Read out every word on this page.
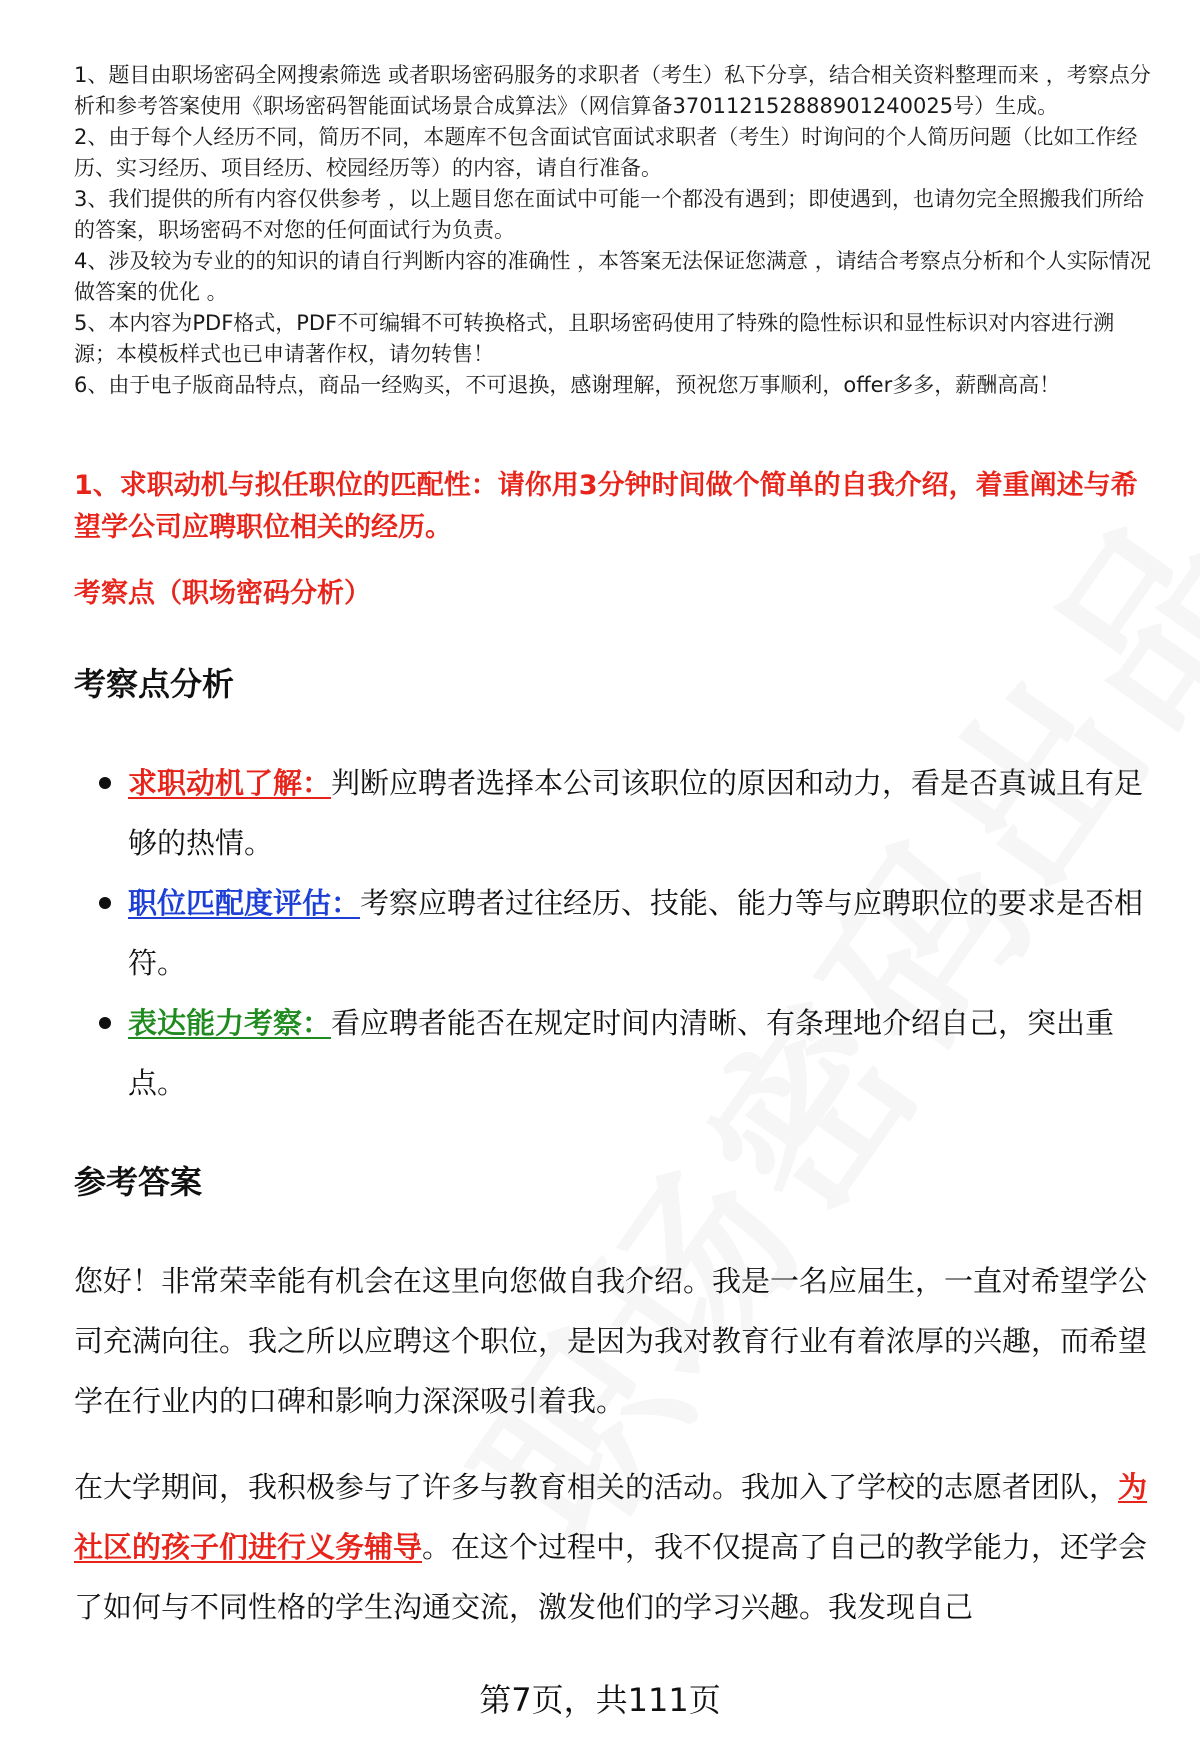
1、题目由职场密码全网搜索筛选 或者职场密码服务的求职者（考生）私下分享，结合相关资料整理而来 ，考察点分析和参考答案使用《职场密码智能面试场景合成算法》（网信算备370112152888901240025号）生成。

2、由于每个人经历不同，简历不同，本题库不包含面试官面试求职者（考生）时询问的个人简历问题（比如工作经历、实习经历、项目经历、校园经历等）的内容，请自行准备。

3、我们提供的所有内容仅供参考 ，以上题目您在面试中可能一个都没有遇到；即使遇到，也请勿完全照搬我们所给的答案，职场密码不对您的任何面试行为负责。

4、涉及较为专业的的知识的请自行判断内容的准确性 ，本答案无法保证您满意 ，请结合考察点分析和个人实际情况做答案的优化 。

5、本内容为PDF格式，PDF不可编辑不可转换格式，且职场密码使用了特殊的隐性标识和显性标识对内容进行溯源；本模板样式也已申请著作权，请勿转售！

6、由于电子版商品特点，商品一经购买，不可退换，感谢理解，预祝您万事顺利，offer多多，薪酬高高！

1、求职动机与拟任职位的匹配性：请你用3分钟时间做个简单的自我介绍，着重阐述与希望学公司应聘职位相关的经历。

考察点（职场密码分析）

考察点分析
求职动机了解：判断应聘者选择本公司该职位的原因和动力，看是否真诚且有足够的热情。
职位匹配度评估：考察应聘者过往经历、技能、能力等与应聘职位的要求是否相符。
表达能力考察：看应聘者能否在规定时间内清晰、有条理地介绍自己，突出重点。
参考答案

您好！非常荣幸能有机会在这里向您做自我介绍。我是一名应届生，一直对希望学公司充满向往。我之所以应聘这个职位，是因为我对教育行业有着浓厚的兴趣，而希望学在行业内的口碑和影响力深深吸引着我。

在大学期间，我积极参与了许多与教育相关的活动。我加入了学校的志愿者团队，为社区的孩子们进行义务辅导。在这个过程中，我不仅提高了自己的教学能力，还学会了如何与不同性格的学生沟通交流，激发他们的学习兴趣。我发现自己

第7页，共111页
